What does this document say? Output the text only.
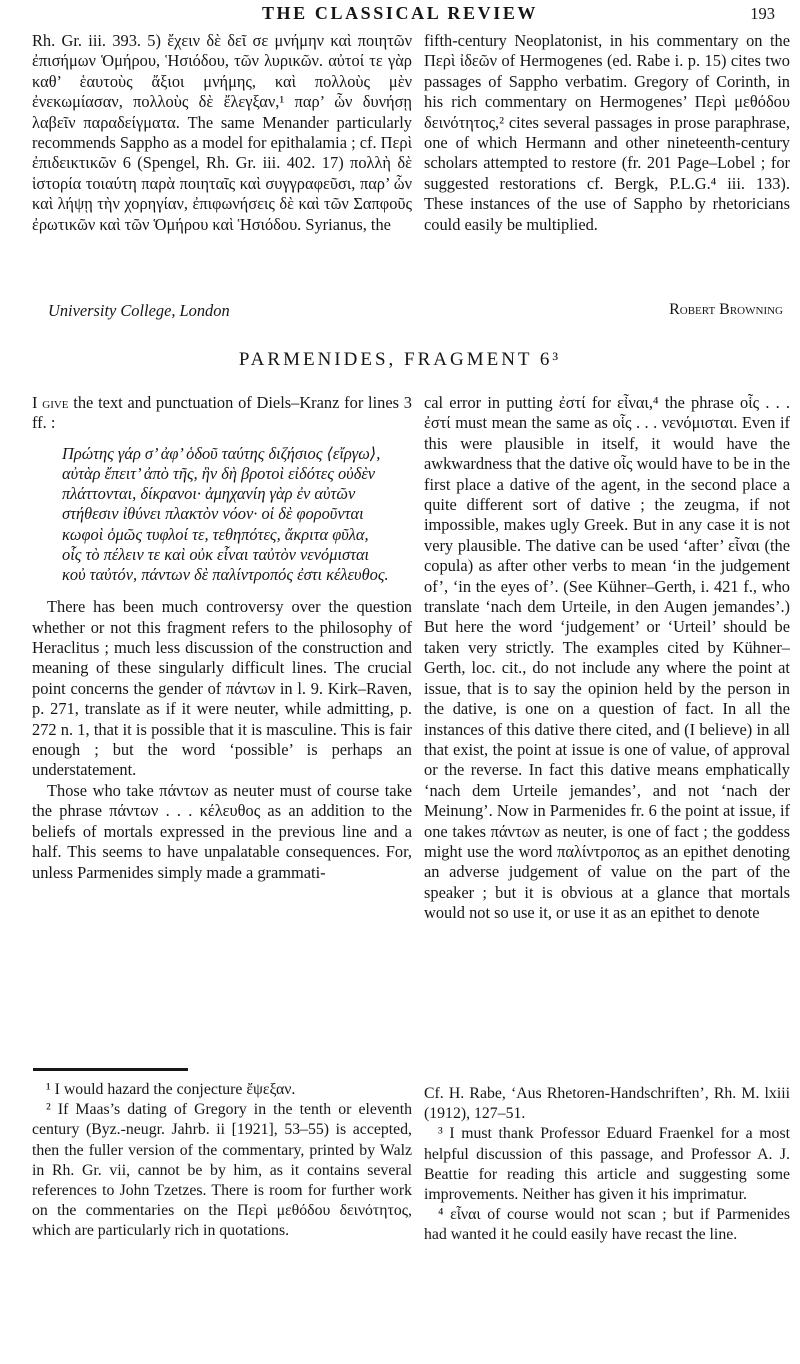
THE CLASSICAL REVIEW	193

Rh. Gr. iii. 393. 5) ἔχειν δὲ δεῖ σε μνήμην καὶ ποιητῶν ἐπισήμων Ὁμήρου, Ἡσιόδου, τῶν λυρικῶν. αὐτοί τε γὰρ καθ’ ἑαυτοὺς ἄξιοι μνήμης, καὶ πολλοὺς μὲν ἐνεκωμίασαν, πολλοὺς δὲ ἔλεγξαν,¹ παρ’ ὧν δυνήσῃ λαβεῖν παραδείγματα. The same Menander particularly recommends Sappho as a model for epithalamia ; cf. Περὶ ἐπιδεικτικῶν 6 (Spengel, Rh. Gr. iii. 402. 17) πολλὴ δὲ ἱστορία τοιαύτη παρὰ ποιηταῖς καὶ συγγραφεῦσι, παρ’ ὧν καὶ λήψῃ τὴν χορηγίαν, ἐπιφωνήσεις δὲ καὶ τῶν Σαπφοῦς ἐρωτικῶν καὶ τῶν Ὁμήρου καὶ Ἡσιόδου. Syrianus, the

fifth-century Neoplatonist, in his commentary on the Περὶ ἰδεῶν of Hermogenes (ed. Rabe i. p. 15) cites two passages of Sappho verbatim. Gregory of Corinth, in his rich commentary on Hermogenes’ Περὶ μεθόδου δεινότητος,² cites several passages in prose paraphrase, one of which Hermann and other nineteenth-century scholars attempted to restore (fr. 201 Page–Lobel ; for suggested restorations cf. Bergk, P.L.G.⁴ iii. 133). These instances of the use of Sappho by rhetoricians could easily be multiplied.

University College, London	Robert Browning
PARMENIDES, FRAGMENT 6³

I give the text and punctuation of Diels–Kranz for lines 3 ff. :

Πρώτης γάρ σ’ ἀφ’ ὁδοῦ ταύτης διζήσιος ⟨εἴργω⟩,
αὐτὰρ ἔπειτ’ ἀπὸ τῆς, ἣν δὴ βροτοὶ εἰδότες οὐδὲν
πλάττονται, δίκρανοι· ἀμηχανίη γὰρ ἐν αὐτῶν
στήθεσιν ἰθύνει πλακτὸν νόον· οἱ δὲ φοροῦνται
κωφοὶ ὁμῶς τυφλοί τε, τεθηπότες, ἄκριτα φῦλα,
οἷς τὸ πέλειν τε καὶ οὐκ εἶναι ταὐτὸν νενόμισται
κοὐ ταὐτόν, πάντων δὲ παλίντροπός ἐστι κέλευθος.

There has been much controversy over the question whether or not this fragment refers to the philosophy of Heraclitus ; much less discussion of the construction and meaning of these singularly difficult lines. The crucial point concerns the gender of πάντων in l. 9. Kirk–Raven, p. 271, translate as if it were neuter, while admitting, p. 272 n. 1, that it is possible that it is masculine. This is fair enough ; but the word ‘possible’ is perhaps an understatement.

Those who take πάντων as neuter must of course take the phrase πάντων . . . κέλευθος as an addition to the beliefs of mortals expressed in the previous line and a half. This seems to have unpalatable consequences. For, unless Parmenides simply made a grammati-

¹ I would hazard the conjecture ἔψεξαν.

² If Maas’s dating of Gregory in the tenth or eleventh century (Byz.-neugr. Jahrb. ii [1921], 53–55) is accepted, then the fuller version of the commentary, printed by Walz in Rh. Gr. vii, cannot be by him, as it contains several references to John Tzetzes. There is room for further work on the commentaries on the Περὶ μεθόδου δεινότητος, which are particularly rich in quotations.

cal error in putting ἐστί for εἶναι,⁴ the phrase οἷς . . . ἐστί must mean the same as οἷς . . . νενόμισται. Even if this were plausible in itself, it would have the awkwardness that the dative οἷς would have to be in the first place a dative of the agent, in the second place a quite different sort of dative ; the zeugma, if not impossible, makes ugly Greek. But in any case it is not very plausible. The dative can be used ‘after’ εἶναι (the copula) as after other verbs to mean ‘in the judgement of’, ‘in the eyes of’. (See Kühner–Gerth, i. 421 f., who translate ‘nach dem Urteile, in den Augen jemandes’.) But here the word ‘judgement’ or ‘Urteil’ should be taken very strictly. The examples cited by Kühner–Gerth, loc. cit., do not include any where the point at issue, that is to say the opinion held by the person in the dative, is one on a question of fact. In all the instances of this dative there cited, and (I believe) in all that exist, the point at issue is one of value, of approval or the reverse. In fact this dative means emphatically ‘nach dem Urteile jemandes’, and not ‘nach der Meinung’. Now in Parmenides fr. 6 the point at issue, if one takes πάντων as neuter, is one of fact ; the goddess might use the word παλίντροπος as an epithet denoting an adverse judgement of value on the part of the speaker ; but it is obvious at a glance that mortals would not so use it, or use it as an epithet to denote

Cf. H. Rabe, ‘Aus Rhetoren-Handschriften’, Rh. M. lxiii (1912), 127–51.

³ I must thank Professor Eduard Fraenkel for a most helpful discussion of this passage, and Professor A. J. Beattie for reading this article and suggesting some improvements. Neither has given it his imprimatur.

⁴ εἶναι of course would not scan ; but if Parmenides had wanted it he could easily have recast the line.
